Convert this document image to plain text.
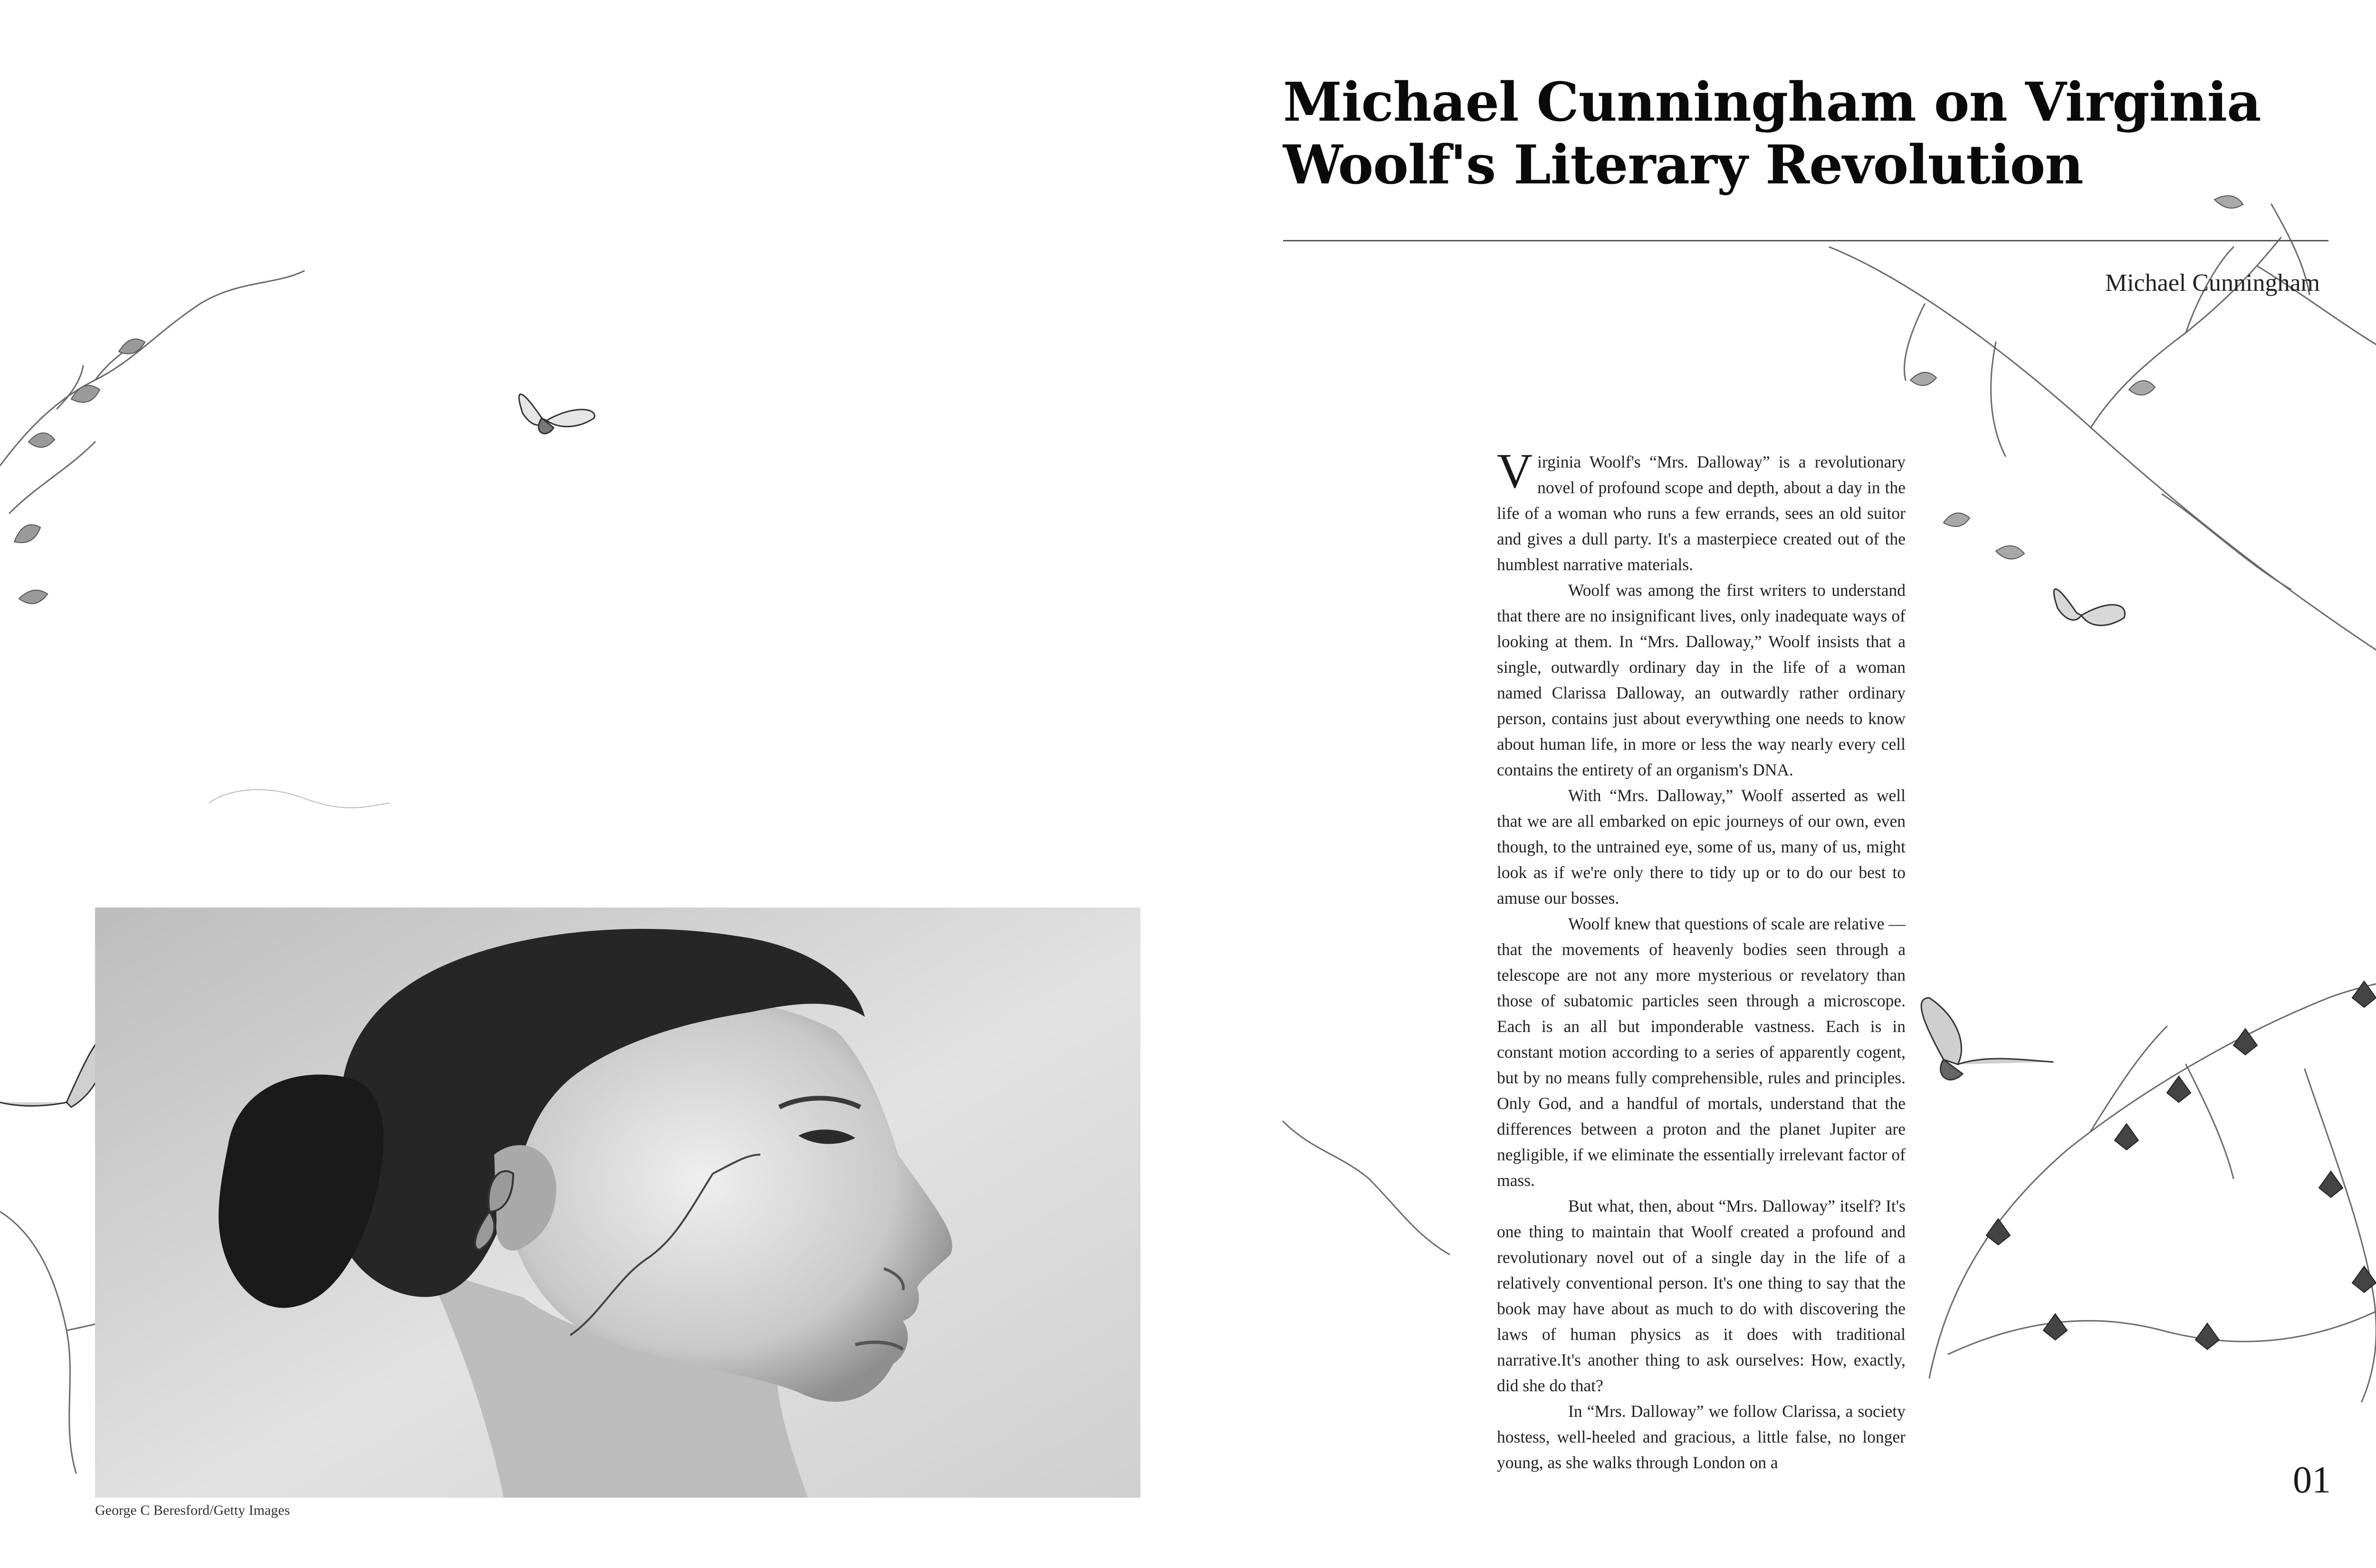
George C Beresford/Getty Images
Michael Cunningham on Virginia Woolf's Literary Revolution
Michael Cunningham

Virginia Woolf's “Mrs. Dalloway” is a revolutionary novel of profound scope and depth, about a day in the life of a woman who runs a few errands, sees an old suitor and gives a dull party. It's a masterpiece created out of the humblest narrative materials.

Woolf was among the first writers to understand that there are no insignificant lives, only inadequate ways of looking at them. In “Mrs. Dalloway,” Woolf insists that a single, outwardly ordinary day in the life of a woman named Clarissa Dalloway, an outwardly rather ordinary person, contains just about everywthing one needs to know about human life, in more or less the way nearly every cell contains the entirety of an organism's DNA.

With “Mrs. Dalloway,” Woolf asserted as well that we are all embarked on epic journeys of our own, even though, to the untrained eye, some of us, many of us, might look as if we're only there to tidy up or to do our best to amuse our bosses.

Woolf knew that questions of scale are relative — that the movements of heavenly bodies seen through a telescope are not any more mysterious or revelatory than those of subatomic particles seen through a microscope. Each is an all but imponderable vastness. Each is in constant motion according to a series of apparently cogent, but by no means fully comprehensible, rules and principles. Only God, and a handful of mortals, understand that the differences between a proton and the planet Jupiter are negligible, if we eliminate the essentially irrelevant factor of mass.

But what, then, about “Mrs. Dalloway” itself? It's one thing to maintain that Woolf created a profound and revolutionary novel out of a single day in the life of a relatively conventional person. It's one thing to say that the book may have about as much to do with discovering the laws of human physics as it does with traditional narrative.It's another thing to ask ourselves: How, exactly, did she do that?

In “Mrs. Dalloway” we follow Clarissa, a society hostess, well-heeled and gracious, a little false, no longer young, as she walks through London on a	01
